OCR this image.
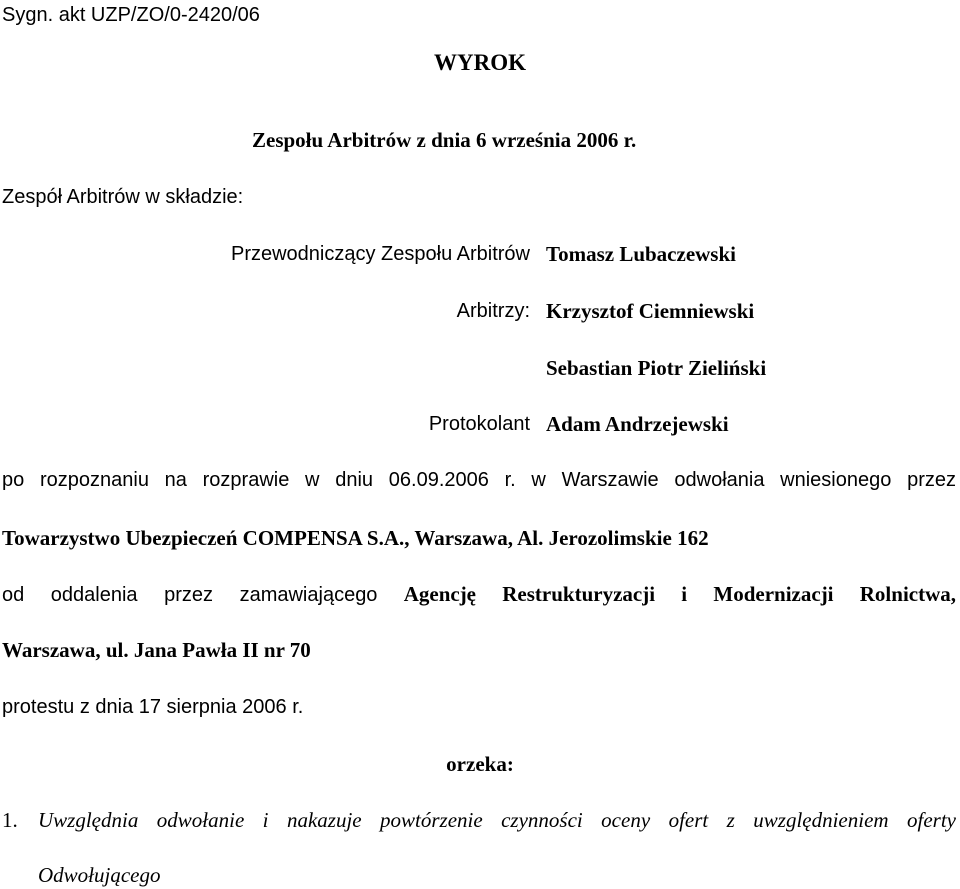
Sygn. akt UZP/ZO/0-2420/06
WYROK
Zespołu Arbitrów z dnia 6 września 2006 r.
Zespół Arbitrów w składzie:
Przewodniczący Zespołu Arbitrów Tomasz Lubaczewski
Arbitrzy: Krzysztof Ciemniewski
Sebastian Piotr Zieliński
Protokolant Adam Andrzejewski
po rozpoznaniu na rozprawie w dniu 06.09.2006 r. w Warszawie odwołania wniesionego przez
Towarzystwo Ubezpieczeń COMPENSA S.A., Warszawa, Al. Jerozolimskie 162
od oddalenia przez zamawiającego Agencję Restrukturyzacji i Modernizacji Rolnictwa,
Warszawa, ul. Jana Pawła II nr 70
protestu z dnia 17 sierpnia 2006 r.
orzeka:
1. Uwzględnia odwołanie i nakazuje powtórzenie czynności oceny ofert z uwzględnieniem oferty
Odwołującego
